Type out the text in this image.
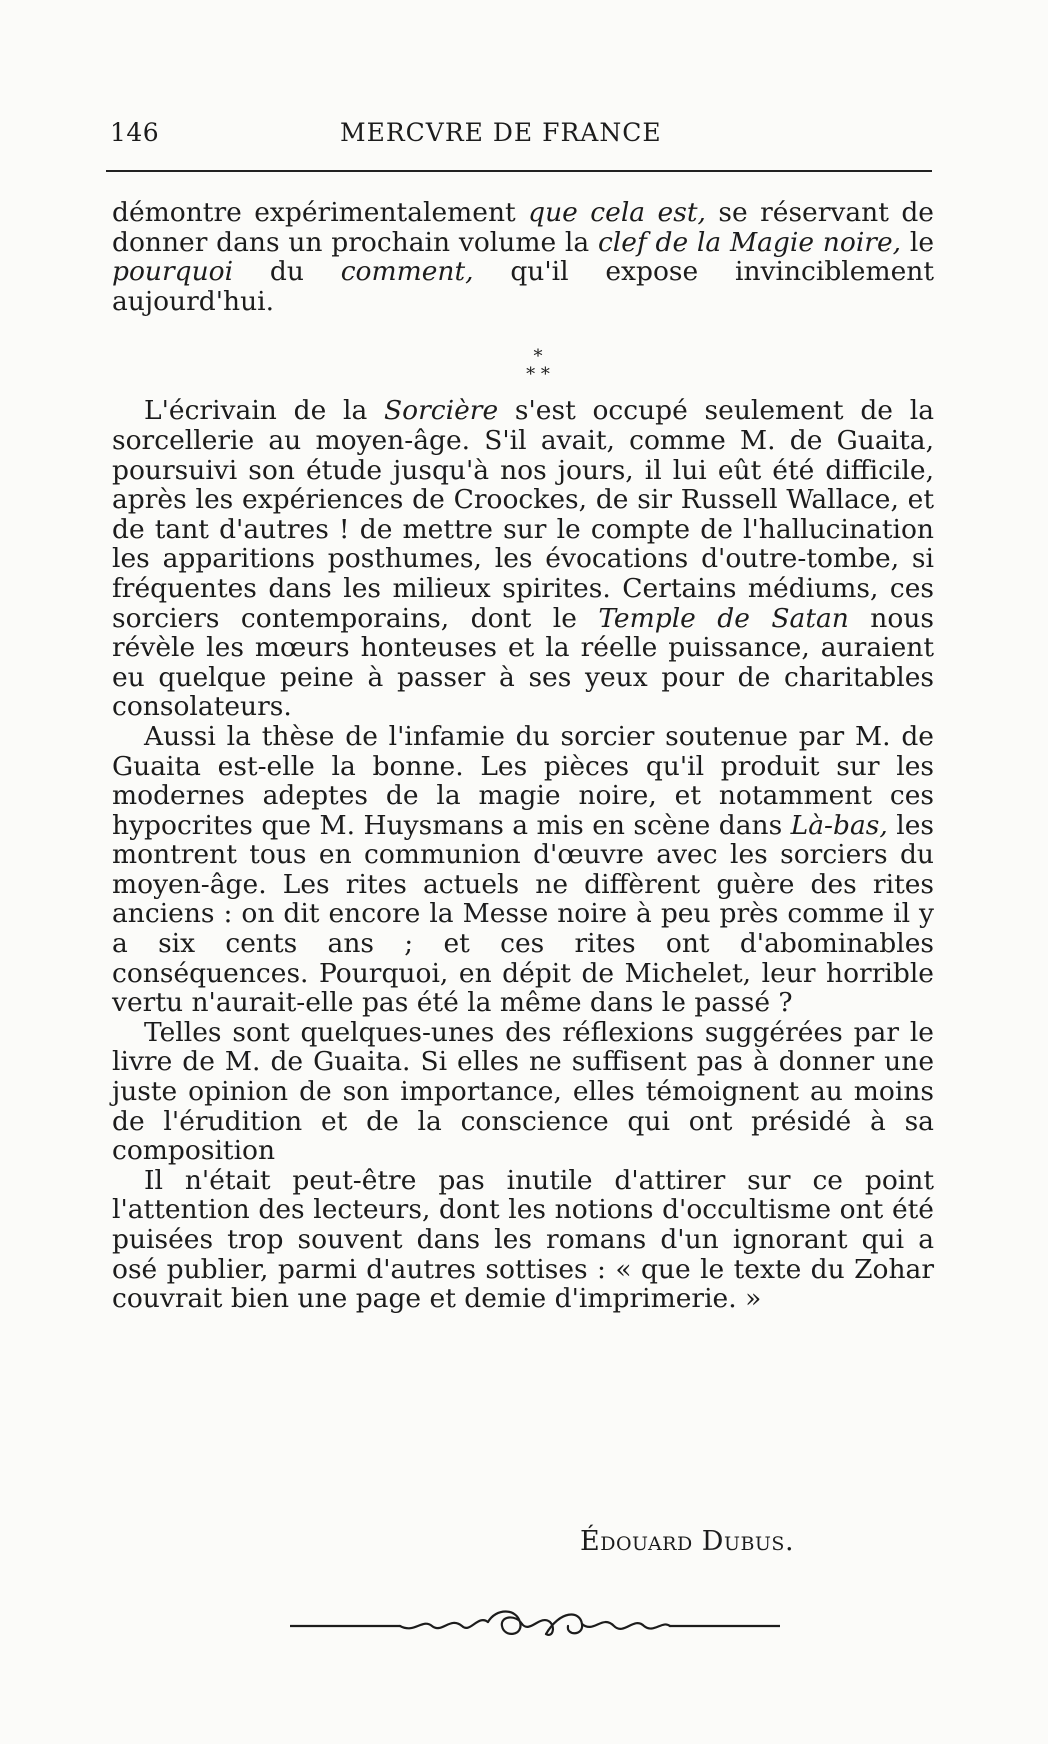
146	MERCVRE DE FRANCE

démontre expérimentalement que cela est, se réservant de donner dans un prochain volume la clef de la Magie noire, le pourquoi du comment, qu'il expose invinciblement aujourd'hui.

*
* *

L'écrivain de la Sorcière s'est occupé seulement de la sorcellerie au moyen-âge. S'il avait, comme M. de Guaita, poursuivi son étude jusqu'à nos jours, il lui eût été difficile, après les expériences de Croockes, de sir Russell Wallace, et de tant d'autres ! de mettre sur le compte de l'hallucination les apparitions posthumes, les évocations d'outre-tombe, si fréquentes dans les milieux spirites. Certains médiums, ces sorciers contemporains, dont le Temple de Satan nous révèle les mœurs honteuses et la réelle puissance, auraient eu quelque peine à passer à ses yeux pour de charitables consolateurs.

Aussi la thèse de l'infamie du sorcier soutenue par M. de Guaita est-elle la bonne. Les pièces qu'il produit sur les modernes adeptes de la magie noire, et notamment ces hypocrites que M. Huysmans a mis en scène dans Là-bas, les montrent tous en communion d'œuvre avec les sorciers du moyen-âge. Les rites actuels ne diffèrent guère des rites anciens : on dit encore la Messe noire à peu près comme il y a six cents ans ; et ces rites ont d'abominables conséquences. Pourquoi, en dépit de Michelet, leur horrible vertu n'aurait-elle pas été la même dans le passé ?

Telles sont quelques-unes des réflexions suggérées par le livre de M. de Guaita. Si elles ne suffisent pas à donner une juste opinion de son importance, elles témoignent au moins de l'érudition et de la conscience qui ont présidé à sa composition

Il n'était peut-être pas inutile d'attirer sur ce point l'attention des lecteurs, dont les notions d'occultisme ont été puisées trop souvent dans les romans d'un ignorant qui a osé publier, parmi d'autres sottises : « que le texte du Zohar couvrait bien une page et demie d'imprimerie. »

Édouard Dubus.
